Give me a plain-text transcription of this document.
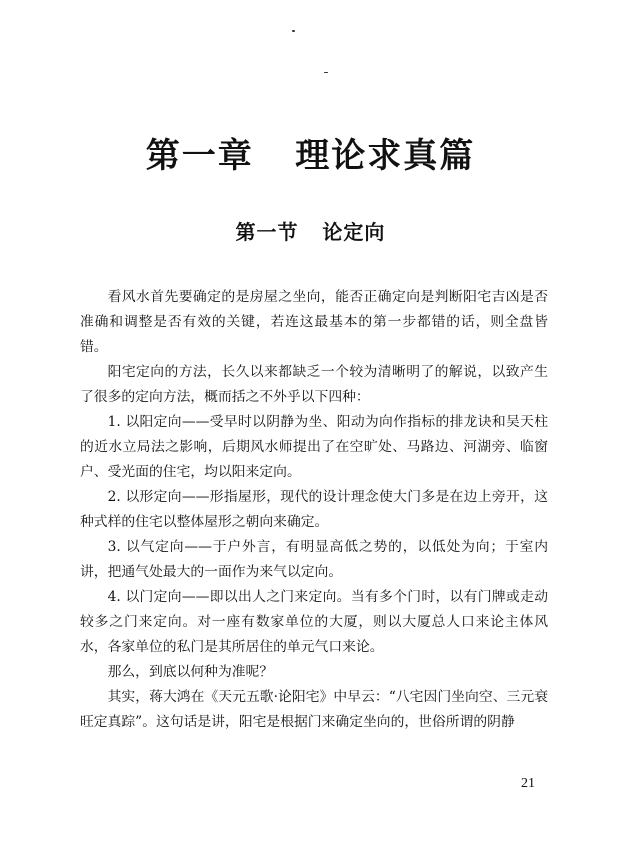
第一章   理论求真篇
第一节   论定向

看风水首先要确定的是房屋之坐向，能否正确定向是判断阳宅吉凶是否准确和调整是否有效的关键，若连这最基本的第一步都错的话，则全盘皆错。

阳宅定向的方法，长久以来都缺乏一个较为清晰明了的解说，以致产生了很多的定向方法，概而括之不外乎以下四种：

1. 以阳定向——受早时以阴静为坐、阳动为向作指标的排龙诀和吴天柱的近水立局法之影响，后期风水师提出了在空旷处、马路边、河湖旁、临窗户、受光面的住宅，均以阳来定向。

2. 以形定向——形指屋形，现代的设计理念使大门多是在边上旁开，这种式样的住宅以整体屋形之朝向来确定。

3. 以气定向——于户外言，有明显高低之势的，以低处为向；于室内讲，把通气处最大的一面作为来气以定向。

4. 以门定向——即以出人之门来定向。当有多个门时，以有门牌或走动较多之门来定向。对一座有数家单位的大厦，则以大厦总人口来论主体风水，各家单位的私门是其所居住的单元气口来论。

那么，到底以何种为准呢？

其实，蒋大鸿在《天元五歌·论阳宅》中早云：“八宅因门坐向空、三元衰旺定真踪”。这句话是讲，阳宅是根据门来确定坐向的，世俗所谓的阴静

21
